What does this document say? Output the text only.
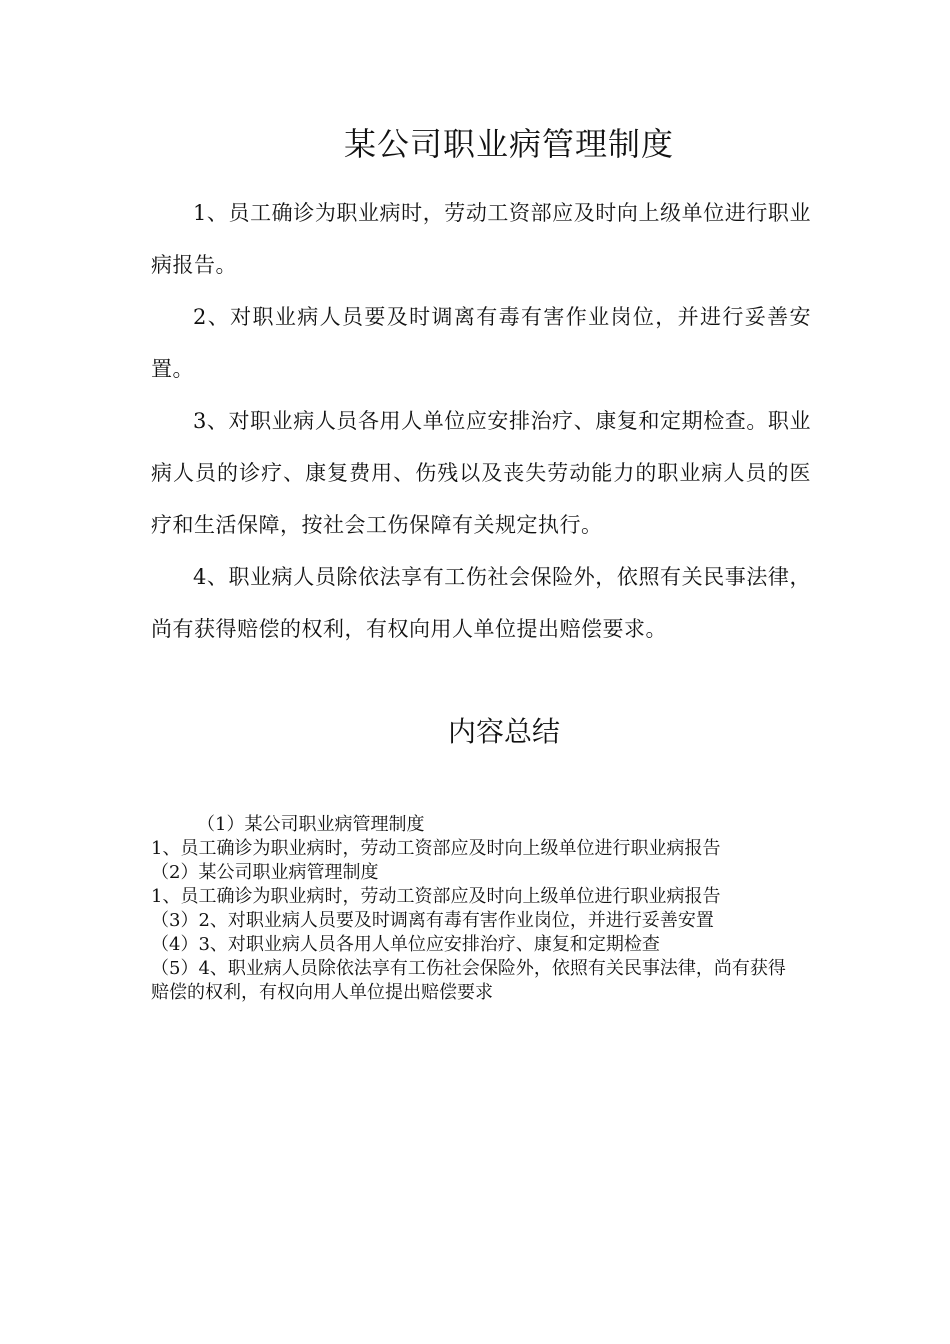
某公司职业病管理制度

1、员工确诊为职业病时，劳动工资部应及时向上级单位进行职业病报告。

2、对职业病人员要及时调离有毒有害作业岗位，并进行妥善安置。

3、对职业病人员各用人单位应安排治疗、康复和定期检查。职业病人员的诊疗、康复费用、伤残以及丧失劳动能力的职业病人员的医疗和生活保障，按社会工伤保障有关规定执行。

4、职业病人员除依法享有工伤社会保险外，依照有关民事法律，尚有获得赔偿的权利，有权向用人单位提出赔偿要求。

内容总结

（1）某公司职业病管理制度

1、员工确诊为职业病时，劳动工资部应及时向上级单位进行职业病报告

（2）某公司职业病管理制度

1、员工确诊为职业病时，劳动工资部应及时向上级单位进行职业病报告

（3）2、对职业病人员要及时调离有毒有害作业岗位，并进行妥善安置

（4）3、对职业病人员各用人单位应安排治疗、康复和定期检查

（5）4、职业病人员除依法享有工伤社会保险外，依照有关民事法律，尚有获得赔偿的权利，有权向用人单位提出赔偿要求
